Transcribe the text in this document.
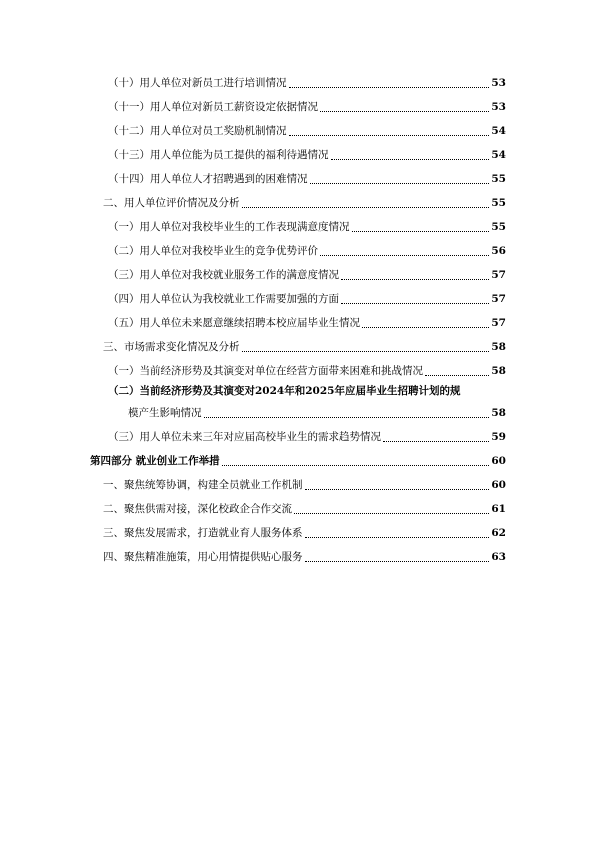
（十）用人单位对新员工进行培训情况	53
（十一）用人单位对新员工薪资设定依据情况	53
（十二）用人单位对员工奖励机制情况	54
（十三）用人单位能为员工提供的福利待遇情况	54
（十四）用人单位人才招聘遇到的困难情况	55
二、用人单位评价情况及分析	55
（一）用人单位对我校毕业生的工作表现满意度情况	55
（二）用人单位对我校毕业生的竞争优势评价	56
（三）用人单位对我校就业服务工作的满意度情况	57
（四）用人单位认为我校就业工作需要加强的方面	57
（五）用人单位未来愿意继续招聘本校应届毕业生情况	57
三、市场需求变化情况及分析	58
（一）当前经济形势及其演变对单位在经营方面带来困难和挑战情况	58
（二）当前经济形势及其演变对2024年和2025年应届毕业生招聘计划的规
模产生影响情况	58
（三）用人单位未来三年对应届高校毕业生的需求趋势情况	59
第四部分 就业创业工作举措	60
一、聚焦统筹协调，构建全员就业工作机制	60
二、聚焦供需对接，深化校政企合作交流	61
三、聚焦发展需求，打造就业育人服务体系	62
四、聚焦精准施策，用心用情提供贴心服务	63
